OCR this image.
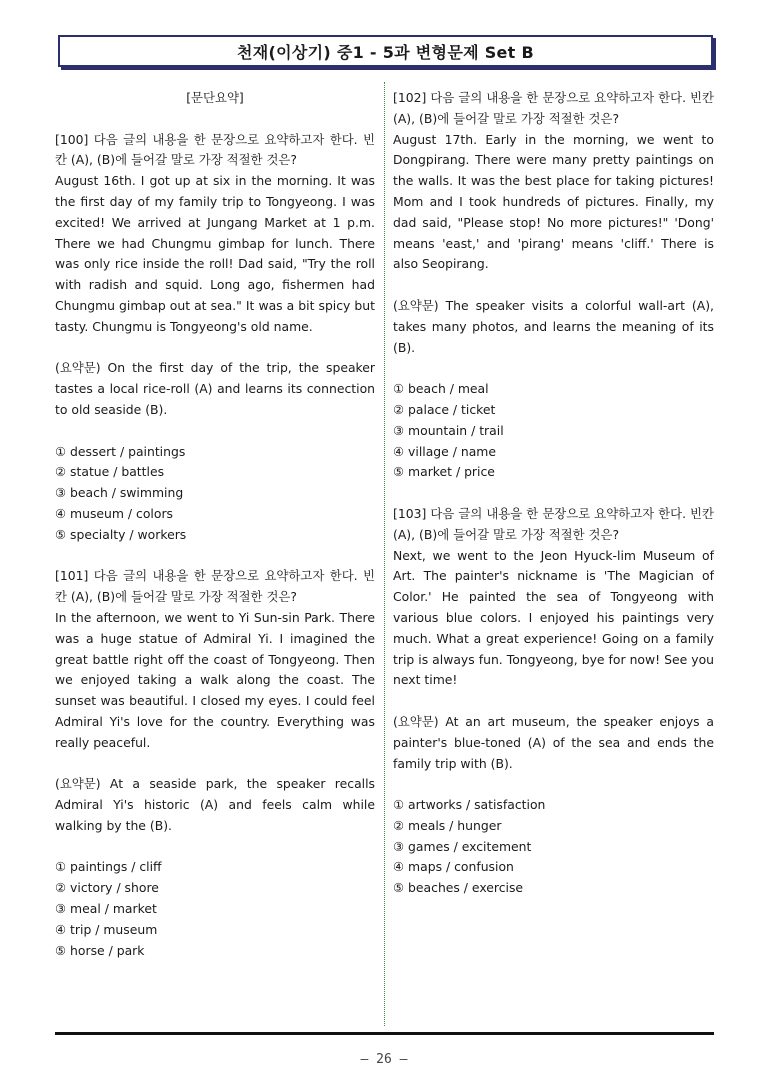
천재(이상기) 중1 - 5과 변형문제 Set B

[문단요약]

[100] 다음 글의 내용을 한 문장으로 요약하고자 한다. 빈칸 (A), (B)에 들어갈 말로 가장 적절한 것은?

August 16th. I got up at six in the morning. It was the first day of my family trip to Tongyeong. I was excited! We arrived at Jungang Market at 1 p.m. There we had Chungmu gimbap for lunch. There was only rice inside the roll! Dad said, "Try the roll with radish and squid. Long ago, fishermen had Chungmu gimbap out at sea." It was a bit spicy but tasty. Chungmu is Tongyeong's old name.

(요약문) On the first day of the trip, the speaker tastes a local rice-roll (A) and learns its connection to old seaside (B).

① dessert / paintings

② statue / battles

③ beach / swimming

④ museum / colors

⑤ specialty / workers

[101] 다음 글의 내용을 한 문장으로 요약하고자 한다. 빈칸 (A), (B)에 들어갈 말로 가장 적절한 것은?

In the afternoon, we went to Yi Sun-sin Park. There was a huge statue of Admiral Yi. I imagined the great battle right off the coast of Tongyeong. Then we enjoyed taking a walk along the coast. The sunset was beautiful. I closed my eyes. I could feel Admiral Yi's love for the country. Everything was really peaceful.

(요약문) At a seaside park, the speaker recalls Admiral Yi's historic (A) and feels calm while walking by the (B).

① paintings / cliff

② victory / shore

③ meal / market

④ trip / museum

⑤ horse / park

[102] 다음 글의 내용을 한 문장으로 요약하고자 한다. 빈칸 (A), (B)에 들어갈 말로 가장 적절한 것은?

August 17th. Early in the morning, we went to Dongpirang. There were many pretty paintings on the walls. It was the best place for taking pictures! Mom and I took hundreds of pictures. Finally, my dad said, "Please stop! No more pictures!" 'Dong' means 'east,' and 'pirang' means 'cliff.' There is also Seopirang.

(요약문) The speaker visits a colorful wall-art (A), takes many photos, and learns the meaning of its (B).

① beach / meal

② palace / ticket

③ mountain / trail

④ village / name

⑤ market / price

[103] 다음 글의 내용을 한 문장으로 요약하고자 한다. 빈칸 (A), (B)에 들어갈 말로 가장 적절한 것은?

Next, we went to the Jeon Hyuck-lim Museum of Art. The painter's nickname is 'The Magician of Color.' He painted the sea of Tongyeong with various blue colors. I enjoyed his paintings very much. What a great experience! Going on a family trip is always fun. Tongyeong, bye for now! See you next time!

(요약문) At an art museum, the speaker enjoys a painter's blue-toned (A) of the sea and ends the family trip with (B).

① artworks / satisfaction

② meals / hunger

③ games / excitement

④ maps / confusion

⑤ beaches / exercise

– 26 –
